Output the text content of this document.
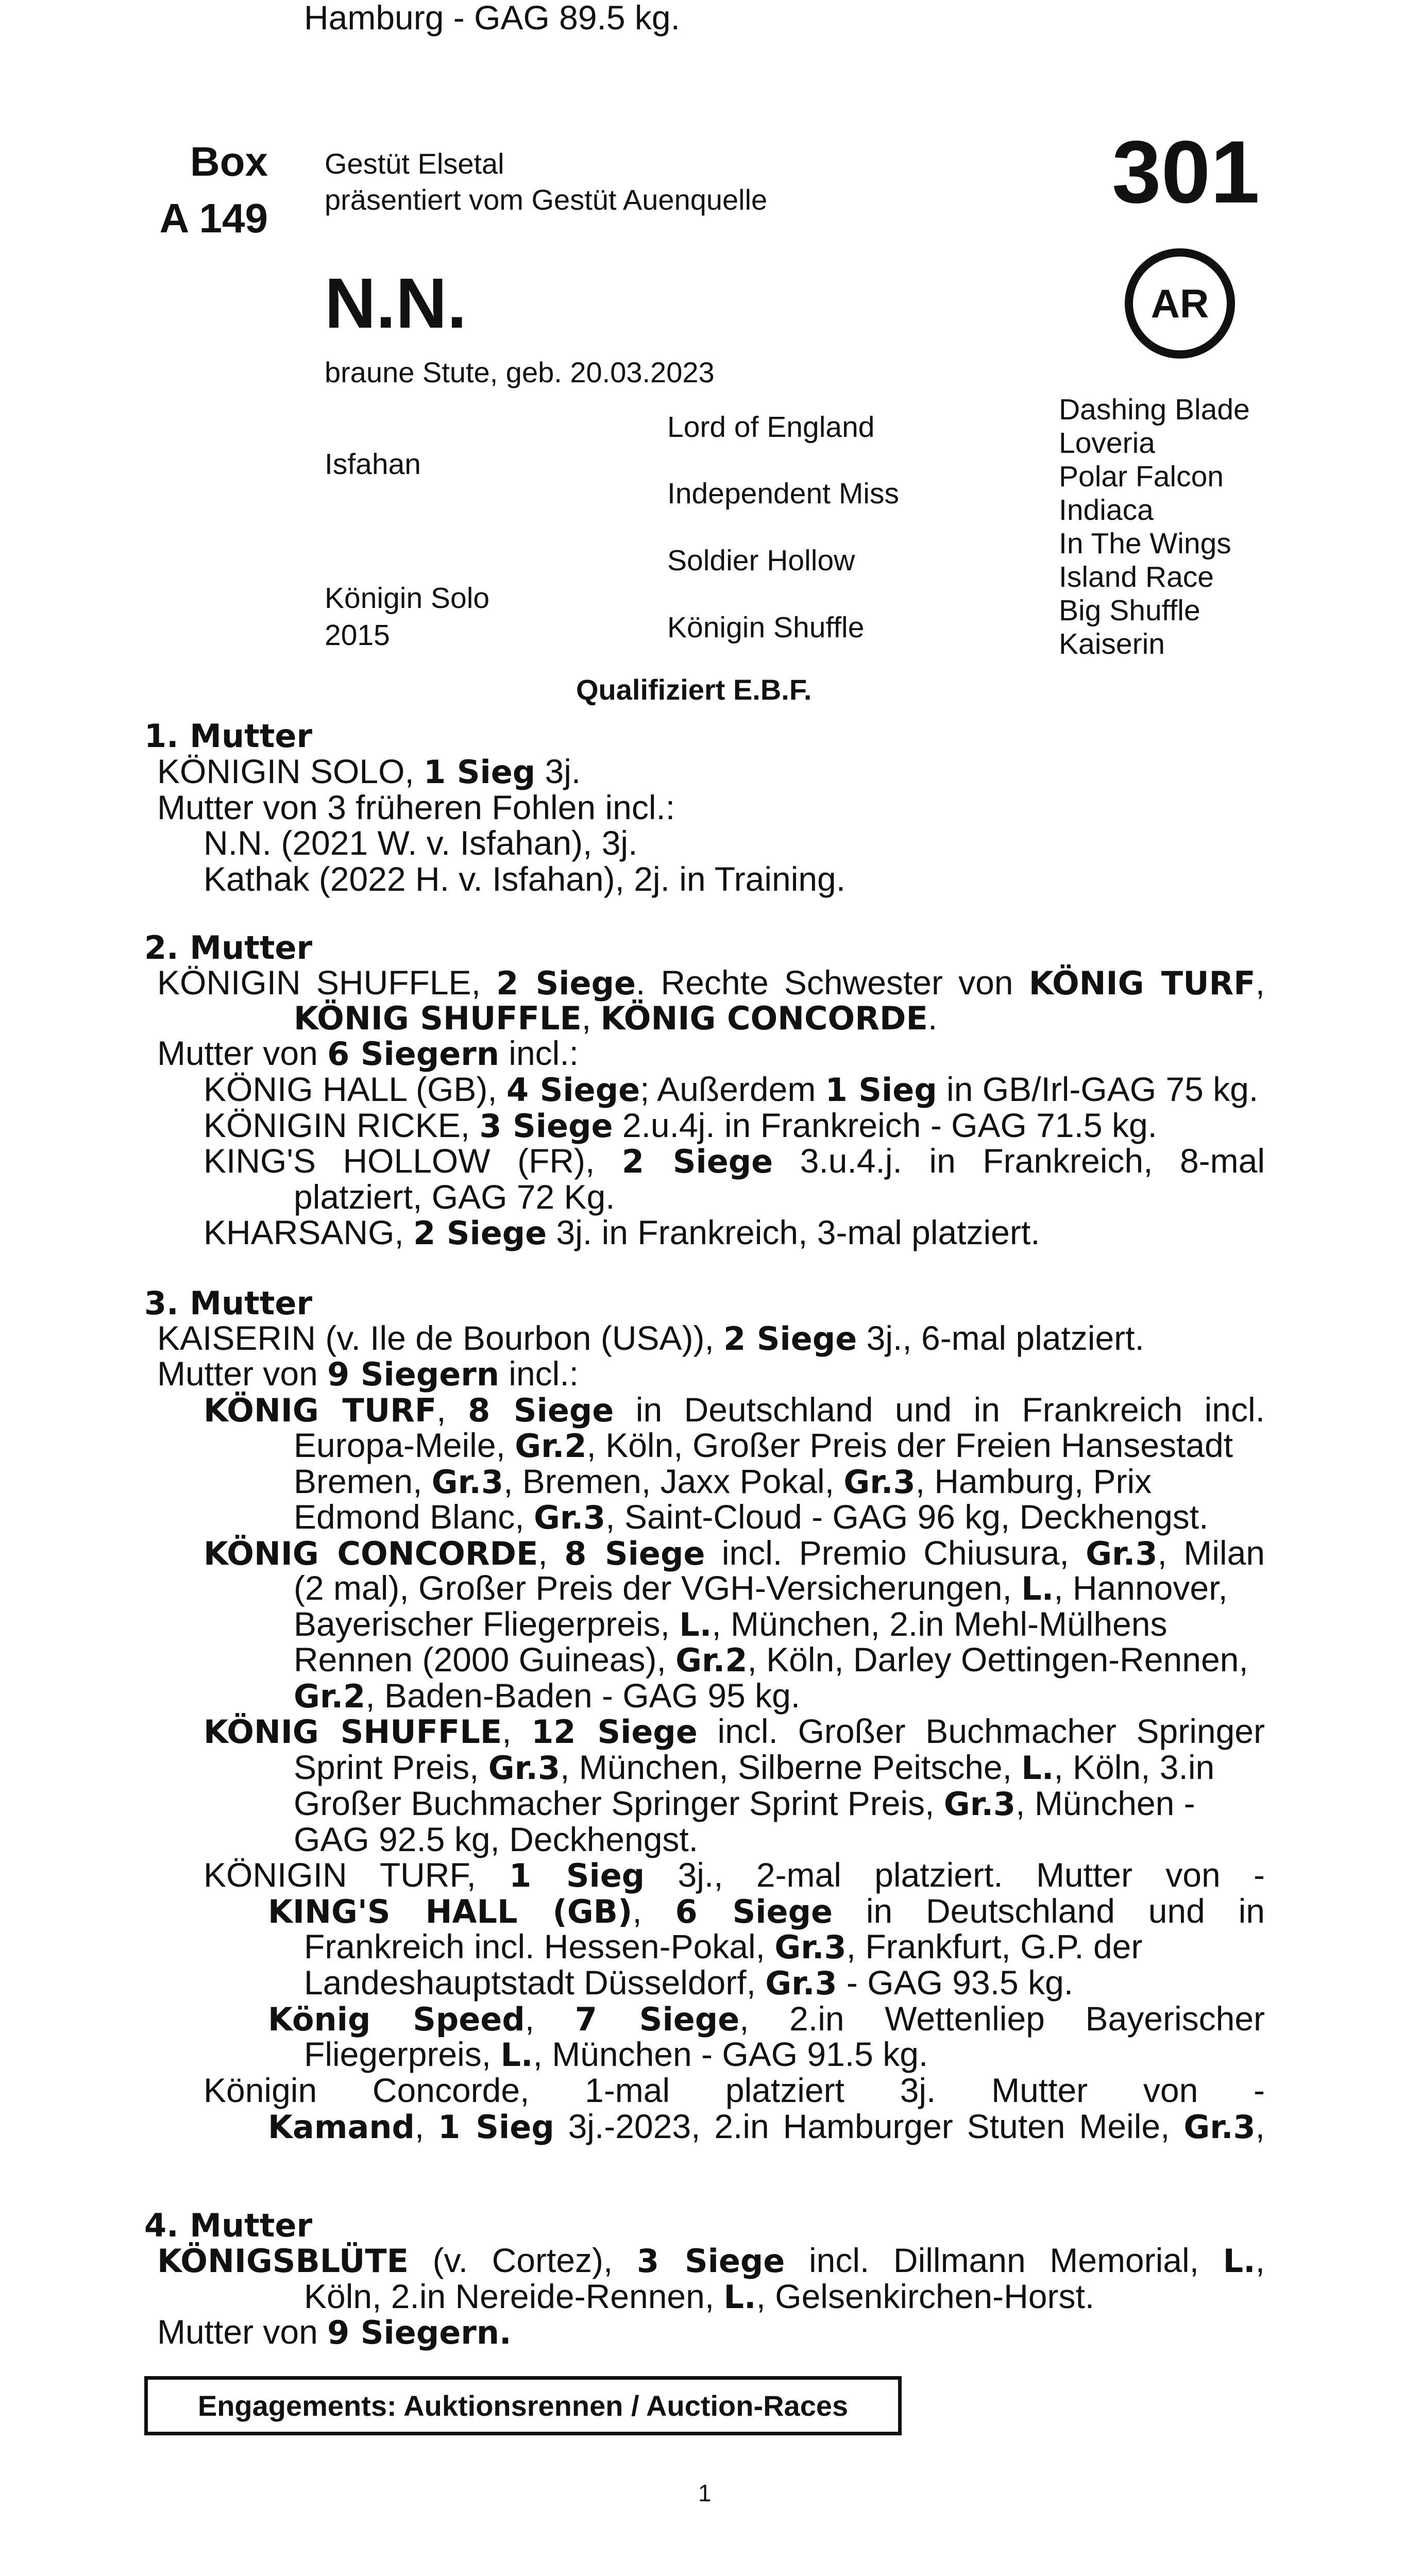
Box
A 149
Gestüt Elsetal
präsentiert vom Gestüt Auenquelle	301
AR
N.N.
braune Stute, geb. 20.03.2023
Isfahan
Königin Solo
2015
Lord of England
Independent Miss
Soldier Hollow
Königin Shuffle
Dashing Blade
Loveria
Polar Falcon
Indiaca
In The Wings
Island Race
Big Shuffle
Kaiserin
Qualifiziert E.B.F.
1. Mutter
2. Mutter
3. Mutter
4. Mutter
KÖNIGIN SOLO, 1 Sieg 3j.
Mutter von 3 früheren Fohlen incl.:
N.N. (2021 W. v. Isfahan), 3j.
Kathak (2022 H. v. Isfahan), 2j. in Training.
KÖNIGIN SHUFFLE, 2 Siege. Rechte Schwester von KÖNIG TURF,
KÖNIG SHUFFLE, KÖNIG CONCORDE.
Mutter von 6 Siegern incl.:
KÖNIG HALL (GB), 4 Siege; Außerdem 1 Sieg in GB/Irl-GAG 75 kg.
KÖNIGIN RICKE, 3 Siege 2.u.4j. in Frankreich - GAG 71.5 kg.
KING'S HOLLOW (FR), 2 Siege 3.u.4.j. in Frankreich, 8-mal
platziert, GAG 72 Kg.
KHARSANG, 2 Siege 3j. in Frankreich, 3-mal platziert.
KAISERIN (v. Ile de Bourbon (USA)), 2 Siege 3j., 6-mal platziert.
Mutter von 9 Siegern incl.:
KÖNIG TURF, 8 Siege in Deutschland und in Frankreich incl.
Europa-Meile, Gr.2, Köln, Großer Preis der Freien Hansestadt
Bremen, Gr.3, Bremen, Jaxx Pokal, Gr.3, Hamburg, Prix
Edmond Blanc, Gr.3, Saint-Cloud - GAG 96 kg, Deckhengst.
KÖNIG CONCORDE, 8 Siege incl. Premio Chiusura, Gr.3, Milan
(2 mal), Großer Preis der VGH-Versicherungen, L., Hannover,
Bayerischer Fliegerpreis, L., München, 2.in Mehl-Mülhens
Rennen (2000 Guineas), Gr.2, Köln, Darley Oettingen-Rennen,
Gr.2, Baden-Baden - GAG 95 kg.
KÖNIG SHUFFLE, 12 Siege incl. Großer Buchmacher Springer
Sprint Preis, Gr.3, München, Silberne Peitsche, L., Köln, 3.in
Großer Buchmacher Springer Sprint Preis, Gr.3, München -
GAG 92.5 kg, Deckhengst.
KÖNIGIN TURF, 1 Sieg 3j., 2-mal platziert. Mutter von -
KING'S HALL (GB), 6 Siege in Deutschland und in
Frankreich incl. Hessen-Pokal, Gr.3, Frankfurt, G.P. der
Landeshauptstadt Düsseldorf, Gr.3 - GAG 93.5 kg.
König Speed, 7 Siege, 2.in Wettenliep Bayerischer
Fliegerpreis, L., München - GAG 91.5 kg.
Königin Concorde, 1-mal platziert 3j. Mutter von -
Kamand, 1 Sieg 3j.-2023, 2.in Hamburger Stuten Meile, Gr.3,
Hamburg - GAG 89.5 kg.
KÖNIGSBLÜTE (v. Cortez), 3 Siege incl. Dillmann Memorial, L.,
Köln, 2.in Nereide-Rennen, L., Gelsenkirchen-Horst.
Mutter von 9 Siegern.
Engagements: Auktionsrennen / Auction-Races
1
